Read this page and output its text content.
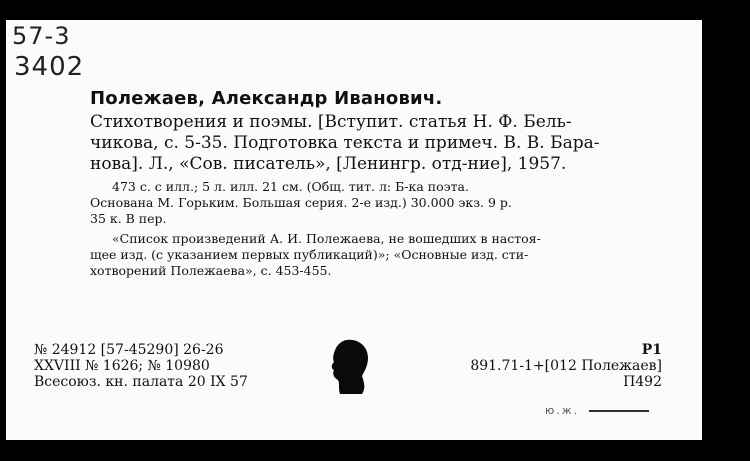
57-3
3402
Полежаев, Александр Иванович.
Стихотворения и поэмы. [Вступит. статья Н. Ф. Бель-
чикова, с. 5-35. Подготовка текста и примеч. В. В. Бара-
нова]. Л., «Сов. писатель», [Ленингр. отд-ние], 1957.
473 с. с илл.; 5 л. илл. 21 см. (Общ. тит. л: Б-ка поэта.
Основана М. Горьким. Большая серия. 2-е изд.) 30.000 экз. 9 р.
35 к. В пер.
«Список произведений А. И. Полежаева, не вошедших в настоя-
щее изд. (с указанием первых публикаций)»; «Основные изд. сти-
хотворений Полежаева», с. 453-455.
№ 24912 [57-45290] 26-26
XXVIII № 1626; № 10980
Всесоюз. кн. палата 20 IX 57
Р1
891.71-1+[012 Полежаев]
П492
ю.ж.
